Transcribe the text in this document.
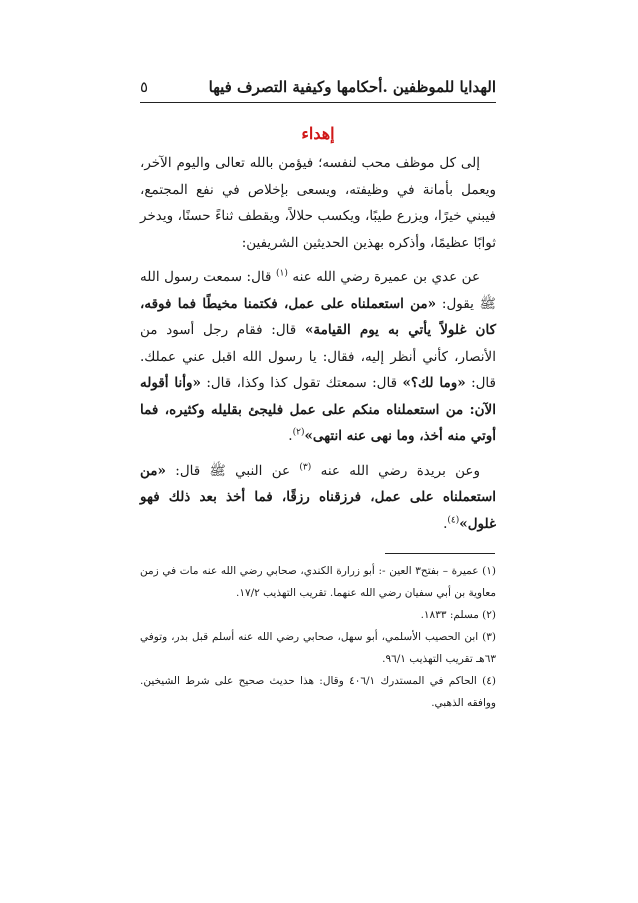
الهدايا للموظفين .أحكامها وكيفية التصرف فيها
٥
إهداء

إلى كل موظف محب لنفسه؛ فيؤمن بالله تعالى واليوم الآخر، ويعمل بأمانة في وظيفته، ويسعى بإخلاص في نفع المجتمع، فيبني خيرًا، ويزرع طيبًا، ويكسب حلالاً، ويقطف ثناءً حسنًا، ويدخر ثوابًا عظيمًا، وأذكره بهذين الحديثين الشريفين:

عن عدي بن عميرة رضي الله عنه $^{(١)}$ قال: سمعت رسول الله ﷺ يقول: «من استعملناه على عمل، فكتمنا مخيطًا فما فوقه، كان غلولاً يأتي به يوم القيامة» قال: فقام رجل أسود من الأنصار، كأني أنظر إليه، فقال: يا رسول الله اقبل عني عملك. قال: «وما لك؟» قال: سمعتك تقول كذا وكذا، قال: «وأنا أقوله الآن: من استعملناه منكم على عمل فليجئ بقليله وكثيره، فما أوتي منه أخذ، وما نهى عنه انتهى»$^{(٢)}$.

وعن بريدة رضي الله عنه $^{(٣)}$ عن النبي ﷺ قال: «من استعملناه على عمل، فرزقناه رزقًا، فما أخذ بعد ذلك فهو غلول»$^{(٤)}$.

(١) عميرة – بفتح٣ العين -: أبو زرارة الكندي، صحابي رضي الله عنه مات في زمن معاوية بن أبي سفيان رضي الله عنهما. تقريب التهذيب ١٧/٢.

(٢) مسلم: ١٨٣٣.

(٣) ابن الحصيب الأسلمي، أبو سهل، صحابي رضي الله عنه أسلم قبل بدر، وتوفي ٦٣هـ تقريب التهذيب ٩٦/١.

(٤) الحاكم في المستدرك ٤٠٦/١ وقال: هذا حديث صحيح على شرط الشيخين. ووافقه الذهبي.
